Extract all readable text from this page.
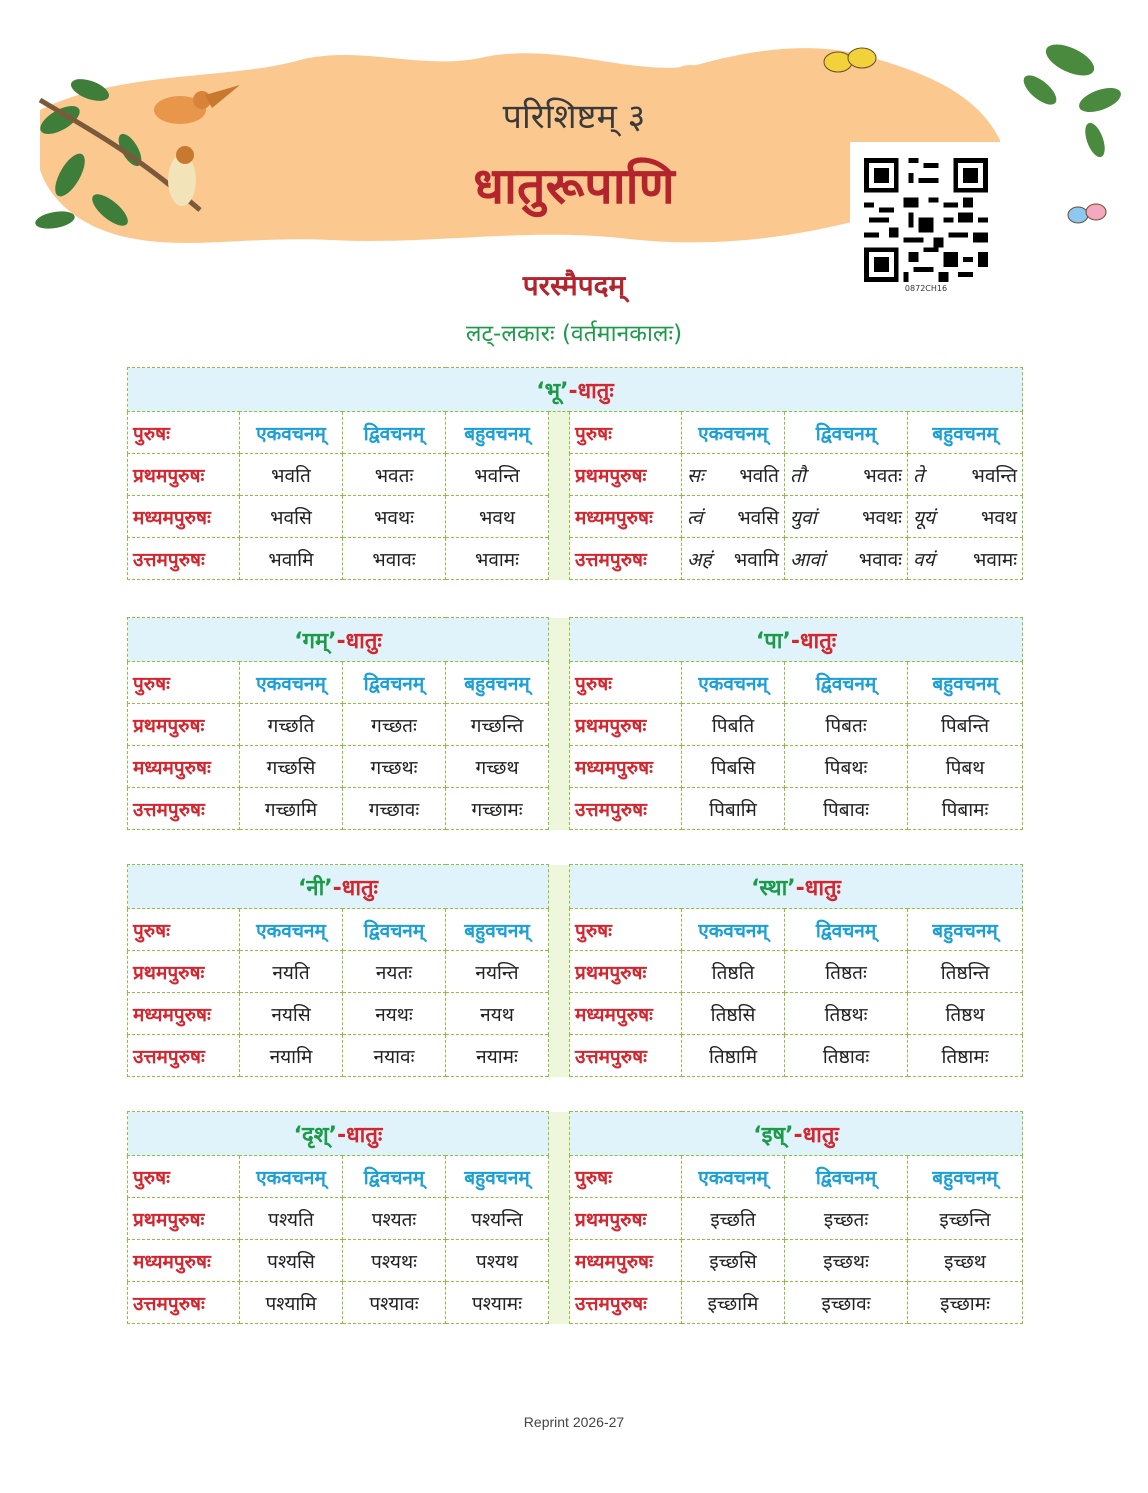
परिशिष्टम् ३
धातुरूपाणि
0872CH16
परस्मैपदम्
लट्-लकारः (वर्तमानकालः)
‘भू’-धातुः								
पुरुषः	एकवचनम्	द्विवचनम्	बहुवचनम्		पुरुषः	एकवचनम्	द्विवचनम्	बहुवचनम्
प्रथमपुरुषः	भवति	भवतः	भवन्ति		प्रथमपुरुषः	सः भवति	तौ भवतः	ते भवन्ति

मध्यमपुरुषः	भवसि	भवथः	भवथ		मध्यमपुरुषः	त्वं भवसि	युवां भवथः	यूयं भवथ

उत्तमपुरुषः	भवामि	भवावः	भवामः		उत्तमपुरुषः	अहं भवामि	आवां भवावः	वयं भवामः
‘गम्’-धातुः					‘पा’-धातुः			
पुरुषः	एकवचनम्	द्विवचनम्	बहुवचनम्		पुरुषः	एकवचनम्	द्विवचनम्	बहुवचनम्
प्रथमपुरुषः	गच्छति	गच्छतः	गच्छन्ति		प्रथमपुरुषः	पिबति	पिबतः	पिबन्ति
मध्यमपुरुषः	गच्छसि	गच्छथः	गच्छथ		मध्यमपुरुषः	पिबसि	पिबथः	पिबथ
उत्तमपुरुषः	गच्छामि	गच्छावः	गच्छामः		उत्तमपुरुषः	पिबामि	पिबावः	पिबामः
‘नी’-धातुः					‘स्था’-धातुः			
पुरुषः	एकवचनम्	द्विवचनम्	बहुवचनम्		पुरुषः	एकवचनम्	द्विवचनम्	बहुवचनम्
प्रथमपुरुषः	नयति	नयतः	नयन्ति		प्रथमपुरुषः	तिष्ठति	तिष्ठतः	तिष्ठन्ति
मध्यमपुरुषः	नयसि	नयथः	नयथ		मध्यमपुरुषः	तिष्ठसि	तिष्ठथः	तिष्ठथ
उत्तमपुरुषः	नयामि	नयावः	नयामः		उत्तमपुरुषः	तिष्ठामि	तिष्ठावः	तिष्ठामः
‘दृश्’-धातुः					‘इष्’-धातुः			
पुरुषः	एकवचनम्	द्विवचनम्	बहुवचनम्		पुरुषः	एकवचनम्	द्विवचनम्	बहुवचनम्
प्रथमपुरुषः	पश्यति	पश्यतः	पश्यन्ति		प्रथमपुरुषः	इच्छति	इच्छतः	इच्छन्ति
मध्यमपुरुषः	पश्यसि	पश्यथः	पश्यथ		मध्यमपुरुषः	इच्छसि	इच्छथः	इच्छथ
उत्तमपुरुषः	पश्यामि	पश्यावः	पश्यामः		उत्तमपुरुषः	इच्छामि	इच्छावः	इच्छामः
Reprint 2026-27
